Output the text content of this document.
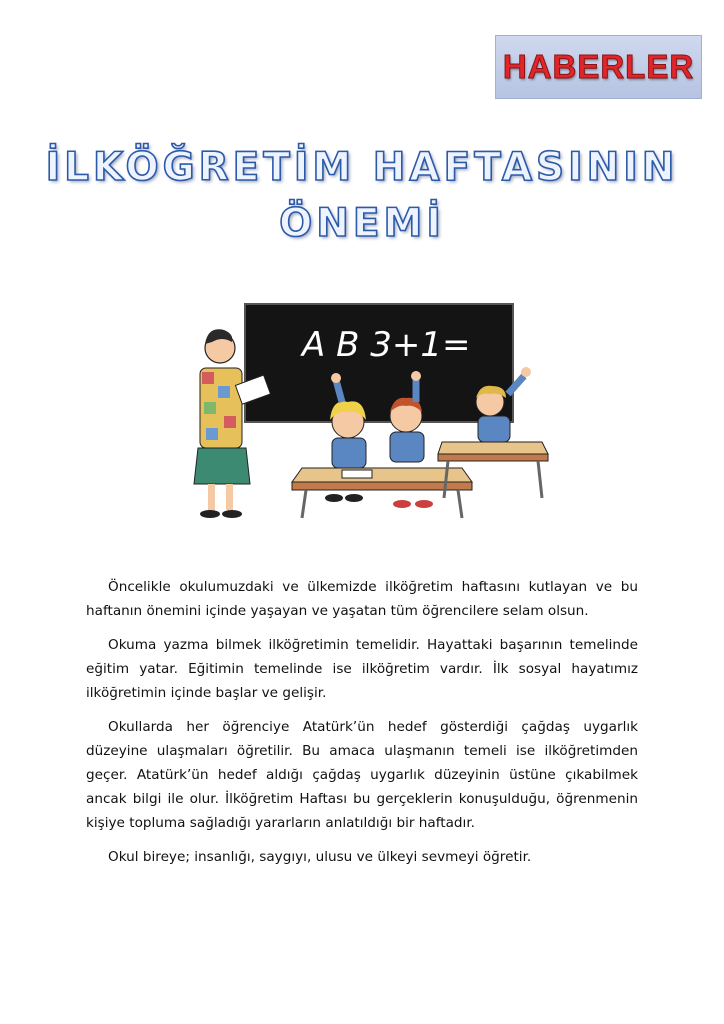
HABERLER
İLKÖĞRETİM HAFTASININ
ÖNEMİ
A B 3+1=

Öncelikle okulumuzdaki ve ülkemizde ilköğretim haftasını kutlayan ve bu haftanın önemini içinde yaşayan ve yaşatan tüm öğrencilere selam olsun.

Okuma yazma bilmek ilköğretimin temelidir. Hayattaki başarının temelinde eğitim yatar. Eğitimin temelinde ise ilköğretim vardır. İlk sosyal hayatımız ilköğretimin içinde başlar ve gelişir.

Okullarda her öğrenciye Atatürk’ün hedef gösterdiği çağdaş uygarlık düzeyine ulaşmaları öğretilir. Bu amaca ulaşmanın temeli ise ilköğretimden geçer. Atatürk’ün hedef aldığı çağdaş uygarlık düzeyinin üstüne çıkabilmek ancak bilgi ile olur. İlköğretim Haftası bu gerçeklerin konuşulduğu, öğrenmenin kişiye topluma sağladığı yararların anlatıldığı bir haftadır.

Okul bireye; insanlığı, saygıyı, ulusu ve ülkeyi sevmeyi öğretir.
